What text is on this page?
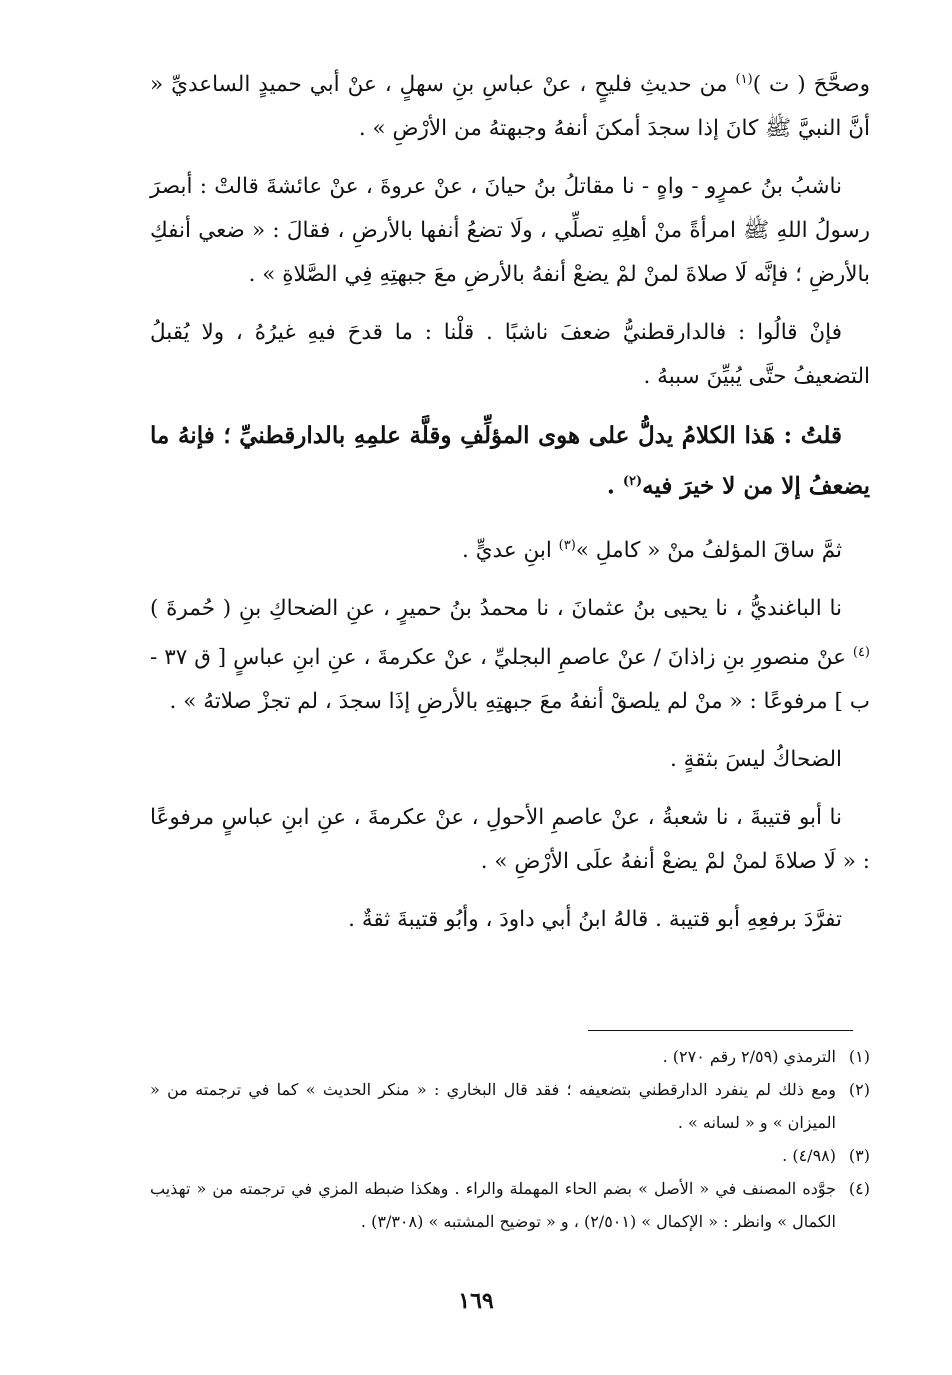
وصحَّحَ ( ت )$^{(١)}$ من حديثِ فليحٍ ، عنْ عباسِ بنِ سهلٍ ، عنْ أبي حميدٍ الساعديِّ « أنَّ النبيَّ ﷺ كانَ إذا سجدَ أمكنَ أنفهُ وجبهتهُ من الأرْضِ » .

ناشبُ بنُ عمرٍو - واهٍ - نا مقاتلُ بنُ حيانَ ، عنْ عروةَ ، عنْ عائشةَ قالتْ : أبصرَ رسولُ اللهِ ﷺ امرأةً منْ أهلِهِ تصلِّي ، ولَا تضعُ أنفها بالأرضِ ، فقالَ : « ضعي أنفكِ بالأرضِ ؛ فإنَّه لَا صلاةَ لمنْ لمْ يضعْ أنفهُ بالأرضِ معَ جبهتِهِ فِي الصَّلاةِ » .

فإنْ قالُوا : فالدارقطنيُّ ضعفَ ناشبًا . قلْنا : ما قدحَ فيهِ غيرُهُ ، ولا يُقبلُ التضعيفُ حتَّى يُبيِّنَ سببهُ .

قلتُ : هَذا الكلامُ يدلُّ على هوى المؤلِّفِ وقلَّة علمِهِ بالدارقطنيِّ ؛ فإنهُ ما يضعفُ إلا من لا خيرَ فيه$^{(٢)}$ .

ثمَّ ساقَ المؤلفُ منْ « كاملِ »$^{(٣)}$ ابنِ عديٍّ .

نا الباغنديُّ ، نا يحيى بنُ عثمانَ ، نا محمدُ بنُ حميرٍ ، عنِ الضحاكِ بنِ ( حُمرةَ )$^{(٤)}$ عنْ منصورِ بنِ زاذانَ / عنْ عاصمِ البجليِّ ، عنْ عكرمةَ ، عنِ ابنِ عباسٍ [ ق ٣٧ - ب ] مرفوعًا : « منْ لم يلصقْ أنفهُ معَ جبهتِهِ بالأرضِ إذَا سجدَ ، لم تجزْ صلاتهُ » .

الضحاكُ ليسَ بثقةٍ .

نا أبو قتيبةَ ، نا شعبةُ ، عنْ عاصمِ الأحولِ ، عنْ عكرمةَ ، عنِ ابنِ عباسٍ مرفوعًا : « لَا صلاةَ لمنْ لمْ يضعْ أنفهُ علَى الأرْضِ » .

تفرَّدَ برفعِهِ أبو قتيبة . قالهُ ابنُ أبي داودَ ، وأبُو قتيبةَ ثقةٌ .

(١)
الترمذي (٢/٥٩ رقم ٢٧٠) .

(٢)
ومع ذلك لم ينفرد الدارقطني بتضعيفه ؛ فقد قال البخاري : « منكر الحديث » كما في ترجمته من « الميزان » و « لسانه » .

(٣)
(٤/٩٨) .

(٤)
جوَّده المصنف في « الأصل » بضم الحاء المهملة والراء . وهكذا ضبطه المزي في ترجمته من « تهذيب الكمال » وانظر : « الإكمال » (٢/٥٠١) ، و « توضيح المشتبه » (٣/٣٠٨) .

١٦٩
